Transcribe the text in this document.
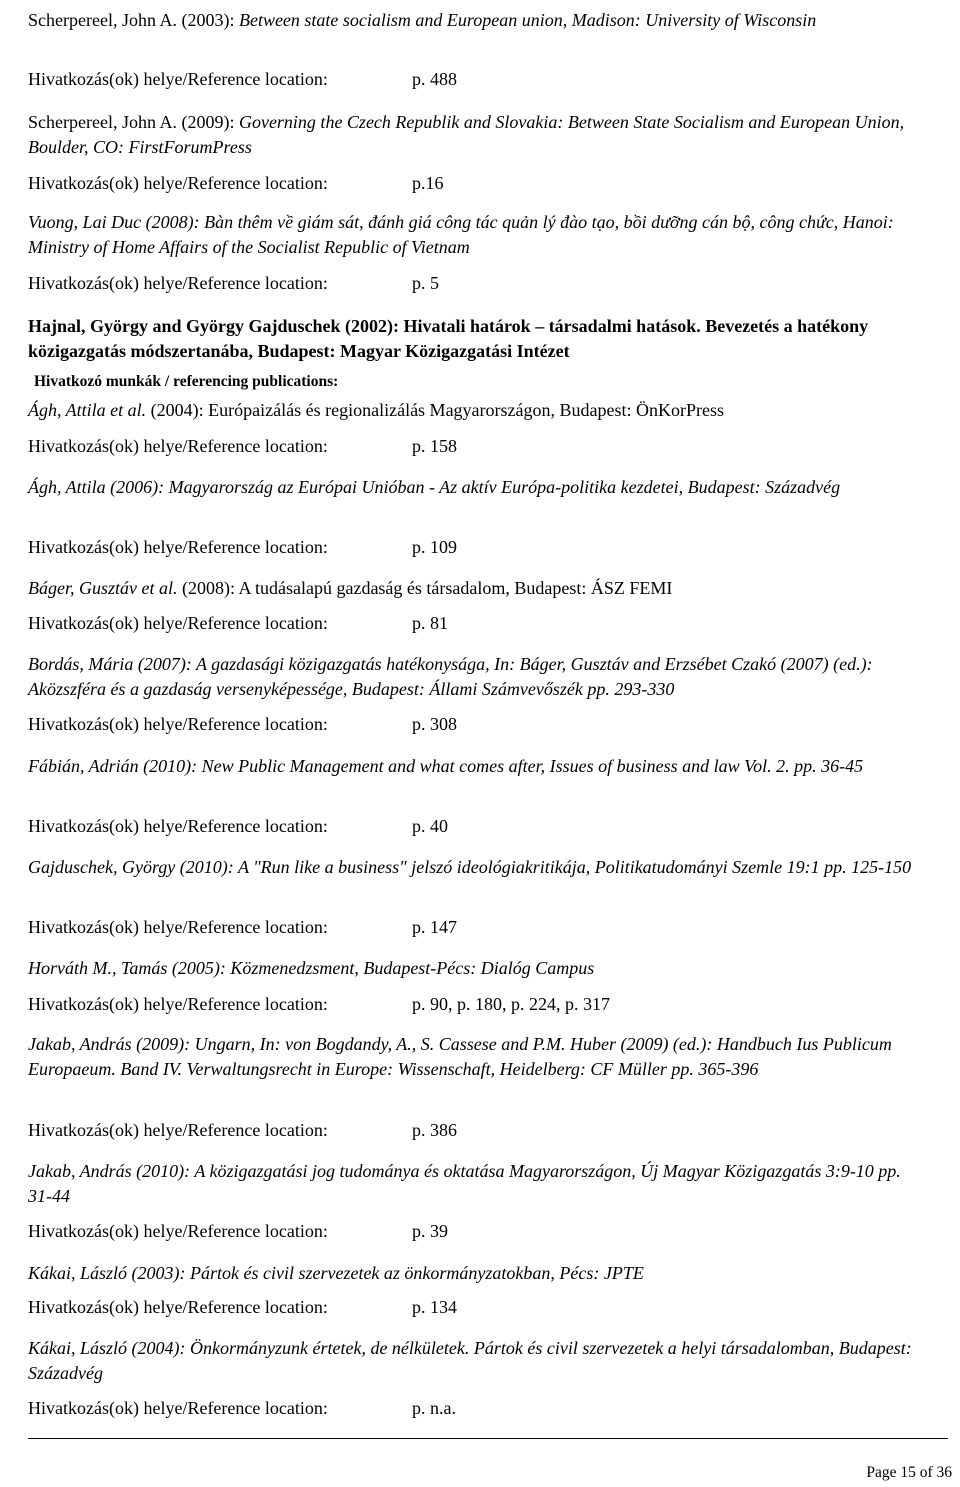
Scherpereel, John A. (2003): Between state socialism and European union, Madison: University of Wisconsin
Hivatkozás(ok) helye/Reference location:	p. 488
Scherpereel, John A. (2009): Governing the Czech Republik and Slovakia: Between State Socialism and European Union, Boulder, CO: FirstForumPress
Hivatkozás(ok) helye/Reference location:	p.16
Vuong, Lai Duc (2008): Bàn thêm về giám sát, đánh giá công tác quản lý đào tạo, bồi dưỡng cán bộ, công chức, Hanoi: Ministry of Home Affairs of the Socialist Republic of Vietnam
Hivatkozás(ok) helye/Reference location:	p. 5
Hajnal, György and György Gajduschek (2002): Hivatali határok – társadalmi hatások. Bevezetés a hatékony közigazgatás módszertanába, Budapest: Magyar Közigazgatási Intézet
Hivatkozó munkák / referencing publications:
Ágh, Attila et al. (2004): Európaizálás és regionalizálás Magyarországon, Budapest: ÖnKorPress
Hivatkozás(ok) helye/Reference location:	p. 158
Ágh, Attila (2006): Magyarország az Európai Unióban - Az aktív Európa-politika kezdetei, Budapest: Századvég
Hivatkozás(ok) helye/Reference location:	p. 109
Báger, Gusztáv et al. (2008): A tudásalapú gazdaság és társadalom, Budapest: ÁSZ FEMI
Hivatkozás(ok) helye/Reference location:	p. 81
Bordás, Mária (2007): A gazdasági közigazgatás hatékonysága, In: Báger, Gusztáv and Erzsébet Czakó (2007) (ed.): Aközszféra és a gazdaság versenyképessége, Budapest: Állami Számvevőszék pp. 293-330
Hivatkozás(ok) helye/Reference location:	p. 308
Fábián, Adrián (2010): New Public Management and what comes after, Issues of business and law Vol. 2. pp. 36-45
Hivatkozás(ok) helye/Reference location:	p. 40
Gajduschek, György (2010): A "Run like a business" jelszó ideológiakritikája, Politikatudományi Szemle 19:1 pp. 125-150
Hivatkozás(ok) helye/Reference location:	p. 147
Horváth M., Tamás (2005): Közmenedzsment, Budapest-Pécs: Dialóg Campus
Hivatkozás(ok) helye/Reference location:	p. 90, p. 180, p. 224, p. 317
Jakab, András (2009): Ungarn, In: von Bogdandy, A., S. Cassese and P.M. Huber (2009) (ed.): Handbuch Ius Publicum Europaeum. Band IV. Verwaltungsrecht in Europe: Wissenschaft, Heidelberg: CF Müller pp. 365-396
Hivatkozás(ok) helye/Reference location:	p. 386
Jakab, András (2010): A közigazgatási jog tudománya és oktatása Magyarországon, Új Magyar Közigazgatás 3:9-10 pp. 31-44
Hivatkozás(ok) helye/Reference location:	p. 39
Kákai, László (2003): Pártok és civil szervezetek az önkormányzatokban, Pécs: JPTE
Hivatkozás(ok) helye/Reference location:	p. 134
Kákai, László (2004): Önkormányzunk értetek, de nélkületek. Pártok és civil szervezetek a helyi társadalomban, Budapest: Századvég
Hivatkozás(ok) helye/Reference location:	p. n.a.
Page 15 of 36
